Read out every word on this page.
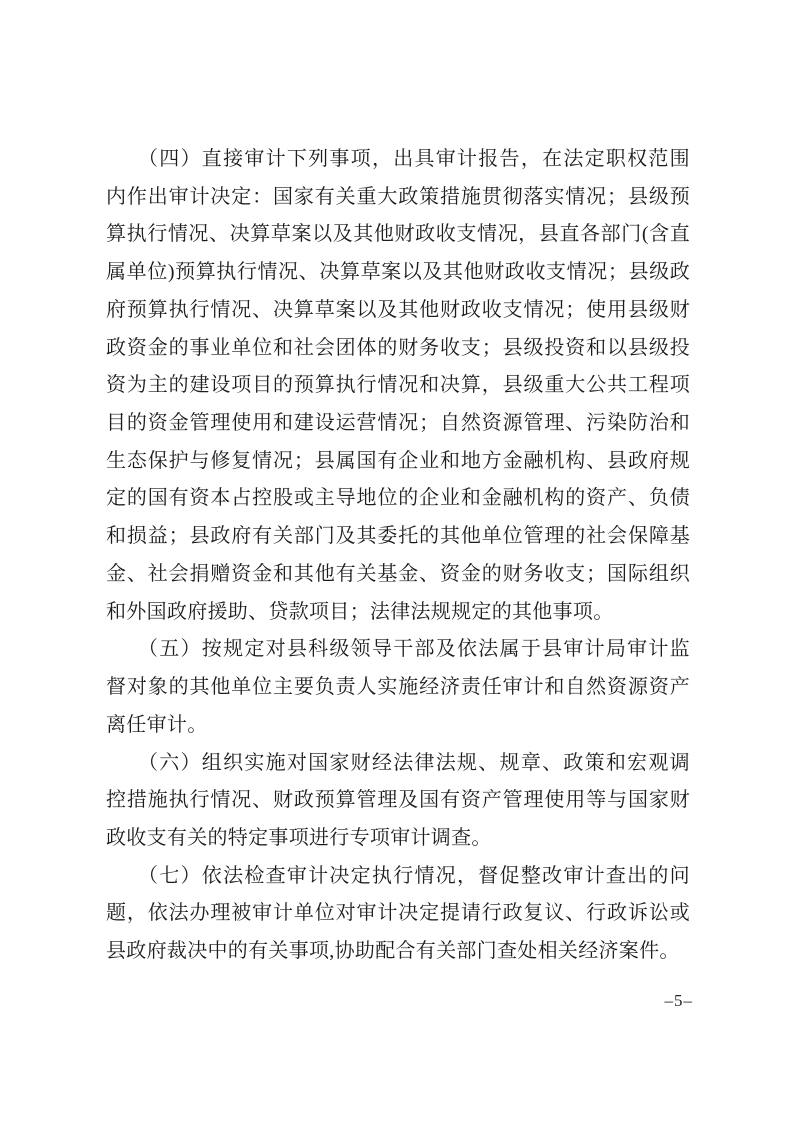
（四）直接审计下列事项，出具审计报告，在法定职权范围
内作出审计决定：国家有关重大政策措施贯彻落实情况；县级预
算执行情况、决算草案以及其他财政收支情况，县直各部门(含直
属单位)预算执行情况、决算草案以及其他财政收支情况；县级政
府预算执行情况、决算草案以及其他财政收支情况；使用县级财
政资金的事业单位和社会团体的财务收支；县级投资和以县级投
资为主的建设项目的预算执行情况和决算，县级重大公共工程项
目的资金管理使用和建设运营情况；自然资源管理、污染防治和
生态保护与修复情况；县属国有企业和地方金融机构、县政府规
定的国有资本占控股或主导地位的企业和金融机构的资产、负债
和损益；县政府有关部门及其委托的其他单位管理的社会保障基
金、社会捐赠资金和其他有关基金、资金的财务收支；国际组织
和外国政府援助、贷款项目；法律法规规定的其他事项。
（五）按规定对县科级领导干部及依法属于县审计局审计监
督对象的其他单位主要负责人实施经济责任审计和自然资源资产
离任审计。
（六）组织实施对国家财经法律法规、规章、政策和宏观调
控措施执行情况、财政预算管理及国有资产管理使用等与国家财
政收支有关的特定事项进行专项审计调查。
（七）依法检查审计决定执行情况，督促整改审计查出的问
题，依法办理被审计单位对审计决定提请行政复议、行政诉讼或
县政府裁决中的有关事项,协助配合有关部门查处相关经济案件。
–5–
